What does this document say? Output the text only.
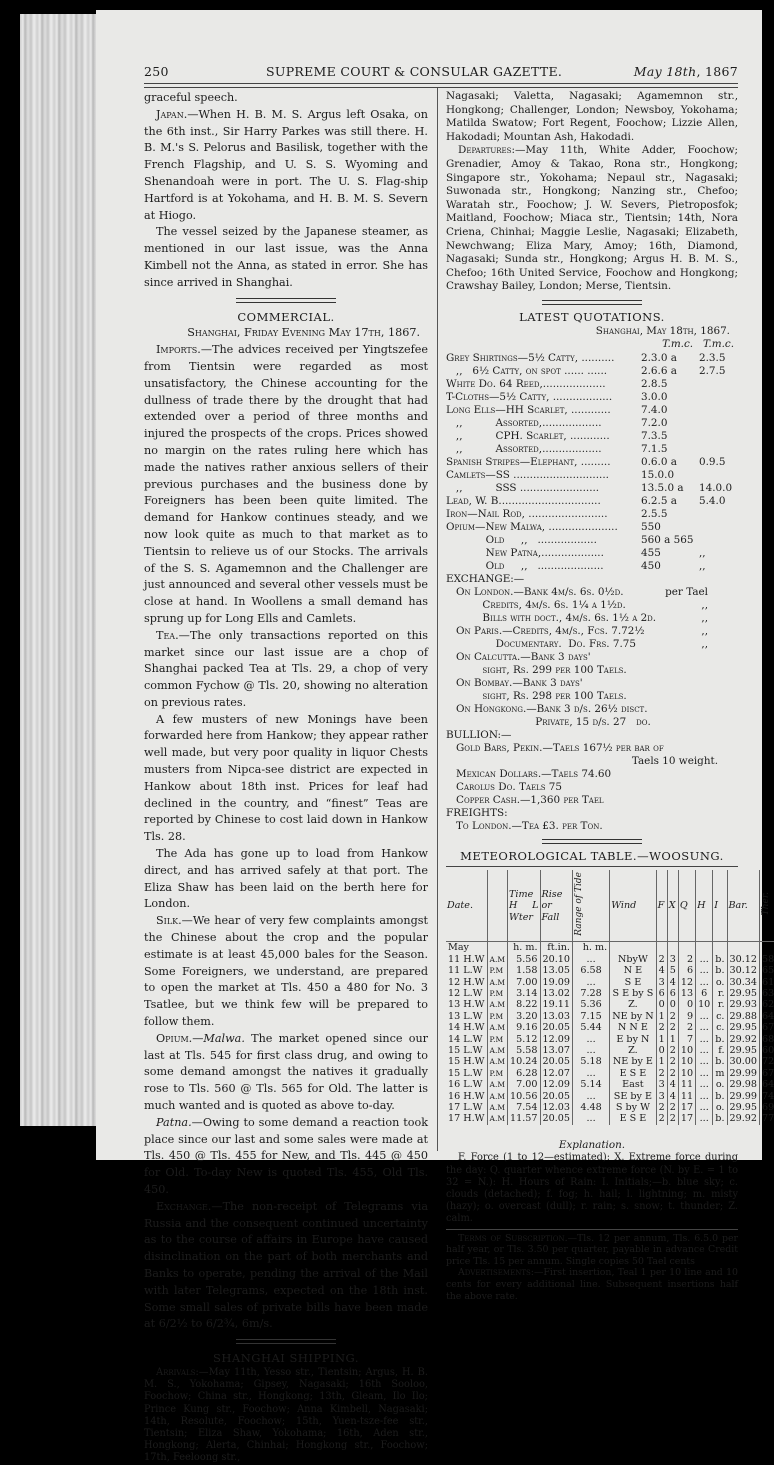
250	SUPREME COURT & CONSULAR GAZETTE.	May 18th, 1867

graceful speech.

Japan.—When H. B. M. S. Argus left Osaka, on the 6th inst., Sir Harry Parkes was still there. H. B. M.'s S. Pelorus and Basilisk, together with the French Flagship, and U. S. S. Wyoming and Shenandoah were in port. The U. S. Flag-ship Hartford is at Yokohama, and H. B. M. S. Severn at Hiogo.

The vessel seized by the Japanese steamer, as mentioned in our last issue, was the Anna Kimbell not the Anna, as stated in error. She has since arrived in Shanghai.

COMMERCIAL.

Shanghai, Friday Evening May 17th, 1867.

Imports.—The advices received per Yingtszefee from Tientsin were regarded as most unsatisfactory, the Chinese accounting for the dullness of trade there by the drought that had extended over a period of three months and injured the prospects of the crops. Prices showed no margin on the rates ruling here which has made the natives rather anxious sellers of their previous purchases and the business done by Foreigners has been been quite limited. The demand for Hankow continues steady, and we now look quite as much to that market as to Tientsin to relieve us of our Stocks. The arrivals of the S. S. Agamemnon and the Challenger are just announced and several other vessels must be close at hand. In Woollens a small demand has sprung up for Long Ells and Camlets.

Tea.—The only transactions reported on this market since our last issue are a chop of Shanghai packed Tea at Tls. 29, a chop of very common Fychow @ Tls. 20, showing no alteration on previous rates.

A few musters of new Monings have been forwarded here from Hankow; they appear rather well made, but very poor quality in liquor Chests musters from Nipca-see district are expected in Hankow about 18th inst. Prices for leaf had declined in the country, and “finest” Teas are reported by Chinese to cost laid down in Hankow Tls. 28.

The Ada has gone up to load from Hankow direct, and has arrived safely at that port. The Eliza Shaw has been laid on the berth here for London.

Silk.—We hear of very few complaints amongst the Chinese about the crop and the popular estimate is at least 45,000 bales for the Season. Some Foreigners, we understand, are prepared to open the market at Tls. 450 a 480 for No. 3 Tsatlee, but we think few will be prepared to follow them.

Opium.—Malwa. The market opened since our last at Tls. 545 for first class drug, and owing to some demand amongst the natives it gradually rose to Tls. 560 @ Tls. 565 for Old. The latter is much wanted and is quoted as above to-day.

Patna.—Owing to some demand a reaction took place since our last and some sales were made at Tls. 450 @ Tls. 455 for New, and Tls. 445 @ 450 for Old. To-day New is quoted Tls. 455, Old Tls. 450.

Exchange.—The non-receipt of Telegrams via Russia and the consequent continued uncertainty as to the course of affairs in Europe have caused disinclination on the part of both merchants and Banks to operate, pending the arrival of the Mail with later Telegrams, expected on the 18th inst. Some small sales of private bills have been made at 6/2½ to 6/2¾, 6m/s.

SHANGHAI SHIPPING.

Arrivals:—May 11th, Yesso str., Tientsin; Argus, H. B. M. S., Yokohama; Gipsey, Nagasaki; 16th Sooloo, Foochow; China str., Hongkong; 13th, Gleam, Ilo Ilo; Prince Kung str., Foochow; Anna Kimbell, Nagasaki; 14th, Resolute, Foochow; 15th, Yuen-tsze-fee str., Tientsin; Eliza Shaw, Yokohama; 16th, Aden str., Hongkong; Alerta, Chinhai; Hongkong str., Foochow; 17th, Feeloong str.,

Nagasaki; Valetta, Nagasaki; Agamemnon str., Hongkong; Challenger, London; Newsboy, Yokohama; Matilda Swatow; Fort Regent, Foochow; Lizzie Allen, Hakodadi; Mountan Ash, Hakodadi.

Departures:—May 11th, White Adder, Foochow; Grenadier, Amoy & Takao, Rona str., Hongkong; Singapore str., Yokohama; Nepaul str., Nagasaki; Suwonada str., Hongkong; Nanzing str., Chefoo; Waratah str., Foochow; J. W. Severs, Pietroposfok; Maitland, Foochow; Miaca str., Tientsin; 14th, Nora Criena, Chinhai; Maggie Leslie, Nagasaki; Elizabeth, Newchwang; Eliza Mary, Amoy; 16th, Diamond, Nagasaki; Sunda str., Hongkong; Argus H. B. M. S., Chefoo; 16th United Service, Foochow and Hongkong; Crawshay Bailey, London; Merse, Tientsin.

LATEST QUOTATIONS.

Shanghai, May 18th, 1867.

T.m.c. T.m.c.
Grey Shirtings—5½ Catty, ..........	2.3.0 a	2.3.5
,,   6½ Catty, on spot ...... ......	2.6.6 a	2.7.5
White Do. 64 Reed,...................	2.8.5	
T-Cloths—5½ Catty, ..................	3.0.0	
Long Ells—HH Scarlet, ............	7.4.0	
,,          Assorted,..................	7.2.0	
,,          CPH. Scarlet, ............	7.3.5	
,,          Assorted,..................	7.1.5	
Spanish Stripes—Elephant, .........	0.6.0 a	0.9.5
Camlets—SS .............................	15.0.0	
,,          SSS ........................	13.5.0 a	14.0.0
Lead, W. B...............................	6.2.5 a	5.4.0
Iron—Nail Rod, ........................	2.5.5	
Opium—New Malwa, .....................	550	
Old     ,,   ..................	560 a 565	
New Patna,...................	455	,,
Old     ,,   ....................	450	,,
EXCHANGE:—
On London.—Bank 4m/s. 6s. 0½d.	per Tael
Credits, 4m/s. 6s. 1¼ a 1½d.	,,
Bills with doct., 4m/s. 6s. 1½ a 2d.	,,
On Paris.—Credits, 4m/s., Fcs. 7.72½	,,
Documentary.  Do. Frs. 7.75	,,
On Calcutta.—Bank 3 days'
sight, Rs. 299 per 100 Taels.
On Bombay.—Bank 3 days'
sight, Rs. 298 per 100 Taels.
On Hongkong.—Bank 3 d/s. 26½ disct.
Private, 15 d/s. 27   do.
BULLION:—
Gold Bars, Pekin.—Taels 167½ per bar of
Taels 10 weight.
Mexican Dollars.—Taels 74.60
Carolus Do. Taels 75
Copper Cash.—1,360 per Tael
FREIGHTS:
To London.—Tea £3. per Ton.
METEOROLOGICAL TABLE.—WOOSUNG.
Date.		Time H L Wter	Rise or Fall	Range of Tide	Wind	F	X	Q	H	I	Bar.	Ther.
May		h. m.	ft.in.	h. m.								
11 H.W	A.M	5.56	20.10	...	NbyW	2	3	2	...	b.	30.12	58
11 L.W	P.M	1.58	13.05	6.58	N E	4	5	6	...	b.	30.12	65
12 H.W	A.M	7.00	19.09	...	S E	3	4	12	...	o.	30.34	61
12 L.W	P.M	3.14	13.02	7.28	S E by S	6	6	13	6	r.	29.95	63
13 H.W	A.M	8.22	19.11	5.36	Z.	0	0	0	10	r.	29.93	62
13 L.W	P.M	3.20	13.03	7.15	NE by N	1	2	9	...	c.	29.88	64
14 H.W	A.M	9.16	20.05	5.44	N N E	2	2	2	...	c.	29.95	67
14 L.W	P.M	5.12	12.09	...	E by N	1	1	7	...	b.	29.92	68
15 L.W	A.M	5.58	13.07	...	Z.	0	2	10	...	f.	29.95	60
15 H.W	A.M	10.24	20.05	5.18	NE by E	1	2	10	...	b.	30.00	72
15 L.W	P.M	6.28	12.07	...	E S E	2	2	10	...	m	29.99	67
16 L.W	A.M	7.00	12.09	5.14	East	3	4	11	...	o.	29.98	64
16 H.W	A.M	10.56	20.05	...	SE by E	3	4	11	...	b.	29.99	74
17 L.W	A.M	7.54	12.03	4.48	S by W	2	2	17	...	o.	29.95	69
17 H.W	A.M	11.57	20.05	...	E S E	2	2	17	...	b.	29.92	77
Explanation.

F. Force (1 to 12—estimated): X. Extreme force during the day: Q. quarter whence extreme force (N. by E. = 1 to 32 = N.): H. Hours of Rain: I. Initials;—b. blue sky; c. clouds (detached); f. fog; h. hail; l. lightning; m. misty (hazy); o. overcast (dull); r. rain; s. snow; t. thunder; Z. calm.

Terms of Subscription.—Tls. 12 per annum, Tls. 6.5.0 per half year, or Tls. 3.50 per quarter, payable in advance Credit price Tls. 15 per annum. Single copies 50 Tael cents

Advertisements:—First insertion, Teal 1 per 10 line and 10 cents for every additional line. Subsequent insertions half the above rate.
